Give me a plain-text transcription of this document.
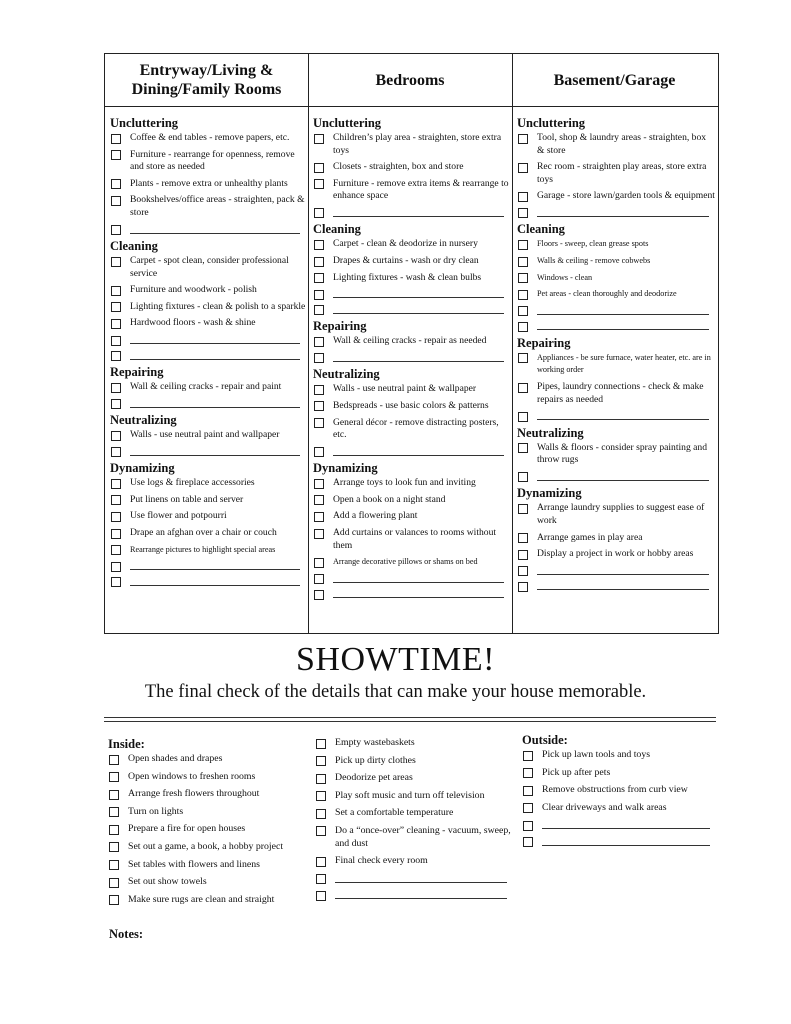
Entryway/Living & Dining/Family Rooms
Bedrooms	Basement/Garage
Uncluttering
Coffee & end tables - remove papers, etc.
Furniture - rearrange for openness, remove and store as needed
Plants - remove extra or unhealthy plants
Bookshelves/office areas - straighten, pack & store
Cleaning
Carpet - spot clean, consider professional service
Furniture and woodwork - polish
Lighting fixtures - clean & polish to a sparkle
Hardwood floors - wash & shine
Repairing
Wall & ceiling cracks - repair and paint
Neutralizing
Walls - use neutral paint and wallpaper
Dynamizing
Use logs & fireplace accessories
Put linens on table and server
Use flower and potpourri
Drape an afghan over a chair or couch
Rearrange pictures to highlight special areas
Uncluttering
Children’s play area - straighten, store extra toys
Closets - straighten, box and store
Furniture - remove extra items & rearrange to enhance space
Cleaning
Carpet - clean & deodorize in nursery
Drapes & curtains - wash or dry clean
Lighting fixtures - wash & clean bulbs
Repairing
Wall & ceiling cracks - repair as needed
Neutralizing
Walls - use neutral paint & wallpaper
Bedspreads - use basic colors & patterns
General décor - remove distracting posters, etc.
Dynamizing
Arrange toys to look fun and inviting
Open a book on a night stand
Add a flowering plant
Add curtains or valances to rooms without them
Arrange decorative pillows or shams on bed
Uncluttering
Tool, shop & laundry areas - straighten, box & store
Rec room - straighten play areas, store extra toys
Garage - store lawn/garden tools & equipment
Cleaning
Floors - sweep, clean grease spots
Walls & ceiling - remove cobwebs
Windows - clean
Pet areas - clean thoroughly and deodorize
Repairing
Appliances - be sure furnace, water heater, etc. are in working order
Pipes, laundry connections - check & make repairs as needed
Neutralizing
Walls & floors - consider spray painting and throw rugs
Dynamizing
Arrange laundry supplies to suggest ease of work
Arrange games in play area
Display a project in work or hobby areas
SHOWTIME!
The final check of the details that can make your house memorable.
Inside:
Open shades and drapes
Open windows to freshen rooms
Arrange fresh flowers throughout
Turn on lights
Prepare a fire for open houses
Set out a game, a book, a hobby project
Set tables with flowers and linens
Set out show towels
Make sure rugs are clean and straight
Empty wastebaskets
Pick up dirty clothes
Deodorize pet areas
Play soft music and turn off television
Set a comfortable temperature
Do a “once-over” cleaning - vacuum, sweep, and dust
Final check every room
Outside:
Pick up lawn tools and toys
Pick up after pets
Remove obstructions from curb view
Clear driveways and walk areas
Notes:
